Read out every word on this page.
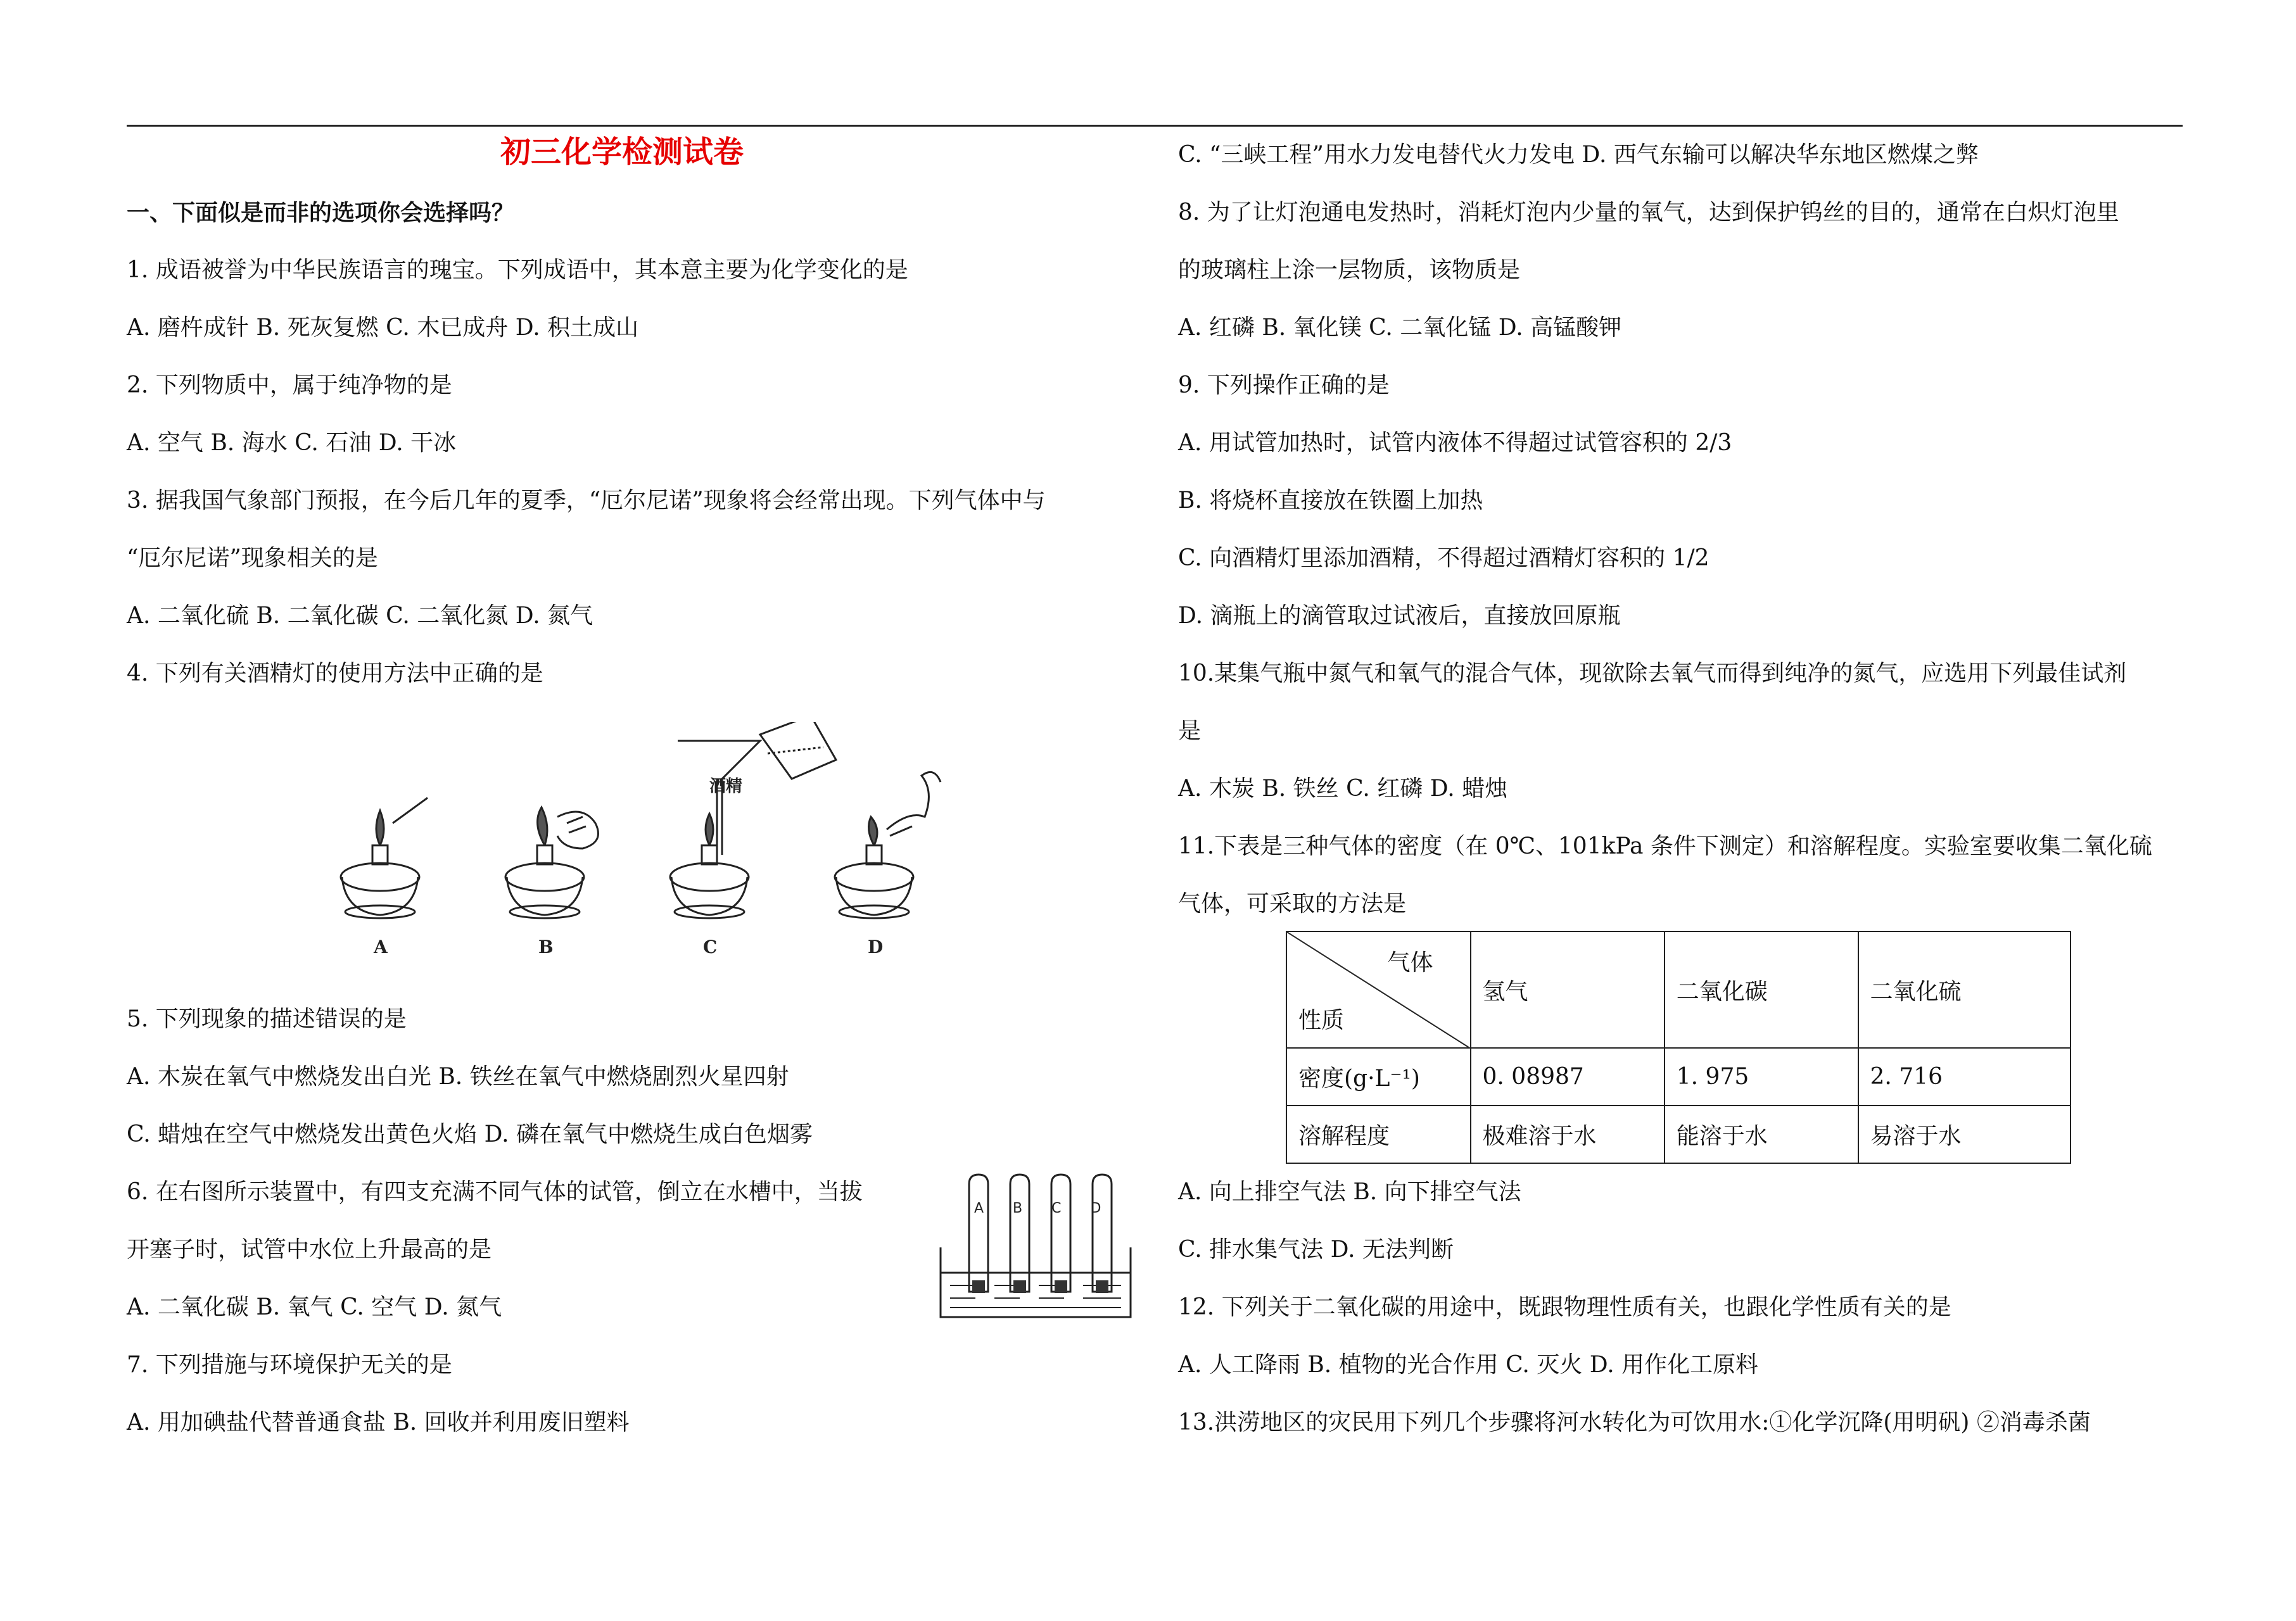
初三化学检测试卷
一、下面似是而非的选项你会选择吗？
1. 成语被誉为中华民族语言的瑰宝。下列成语中，其本意主要为化学变化的是
A. 磨杵成针 B. 死灰复燃 C. 木已成舟 D. 积土成山
2. 下列物质中，属于纯净物的是
A. 空气 B. 海水 C. 石油 D. 干冰
3. 据我国气象部门预报，在今后几年的夏季，“厄尔尼诺”现象将会经常出现。下列气体中与
“厄尔尼诺”现象相关的是
A. 二氧化硫 B. 二氧化碳 C. 二氧化氮 D. 氮气
4. 下列有关酒精灯的使用方法中正确的是
酒精
A	B	C	D
5. 下列现象的描述错误的是
A. 木炭在氧气中燃烧发出白光 B. 铁丝在氧气中燃烧剧烈火星四射
C. 蜡烛在空气中燃烧发出黄色火焰 D. 磷在氧气中燃烧生成白色烟雾
6. 在右图所示装置中，有四支充满不同气体的试管，倒立在水槽中，当拔
开塞子时，试管中水位上升最高的是
A. 二氧化碳 B. 氧气 C. 空气 D. 氮气
7. 下列措施与环境保护无关的是
A. 用加碘盐代替普通食盐 B. 回收并利用废旧塑料
A B C D
C. “三峡工程”用水力发电替代火力发电 D. 西气东输可以解决华东地区燃煤之弊
8. 为了让灯泡通电发热时，消耗灯泡内少量的氧气，达到保护钨丝的目的，通常在白炽灯泡里
的玻璃柱上涂一层物质，该物质是
A. 红磷 B. 氧化镁 C. 二氧化锰 D. 高锰酸钾
9. 下列操作正确的是
A. 用试管加热时，试管内液体不得超过试管容积的 2/3
B. 将烧杯直接放在铁圈上加热
C. 向酒精灯里添加酒精，不得超过酒精灯容积的 1/2
D. 滴瓶上的滴管取过试液后，直接放回原瓶
10.某集气瓶中氮气和氧气的混合气体，现欲除去氧气而得到纯净的氮气，应选用下列最佳试剂
是
A. 木炭 B. 铁丝 C. 红磷 D. 蜡烛
11.下表是三种气体的密度（在 0℃、101kPa 条件下测定）和溶解程度。实验室要收集二氧化硫
气体，可采取的方法是
气体
性质	氢气	二氧化碳	二氧化硫
密度(g·L⁻¹)	0. 08987	1. 975	2. 716
溶解程度	极难溶于水	能溶于水	易溶于水
A. 向上排空气法 B. 向下排空气法
C. 排水集气法 D. 无法判断
12. 下列关于二氧化碳的用途中，既跟物理性质有关，也跟化学性质有关的是
A. 人工降雨 B. 植物的光合作用 C. 灭火 D. 用作化工原料
13.洪涝地区的灾民用下列几个步骤将河水转化为可饮用水:①化学沉降(用明矾) ②消毒杀菌
